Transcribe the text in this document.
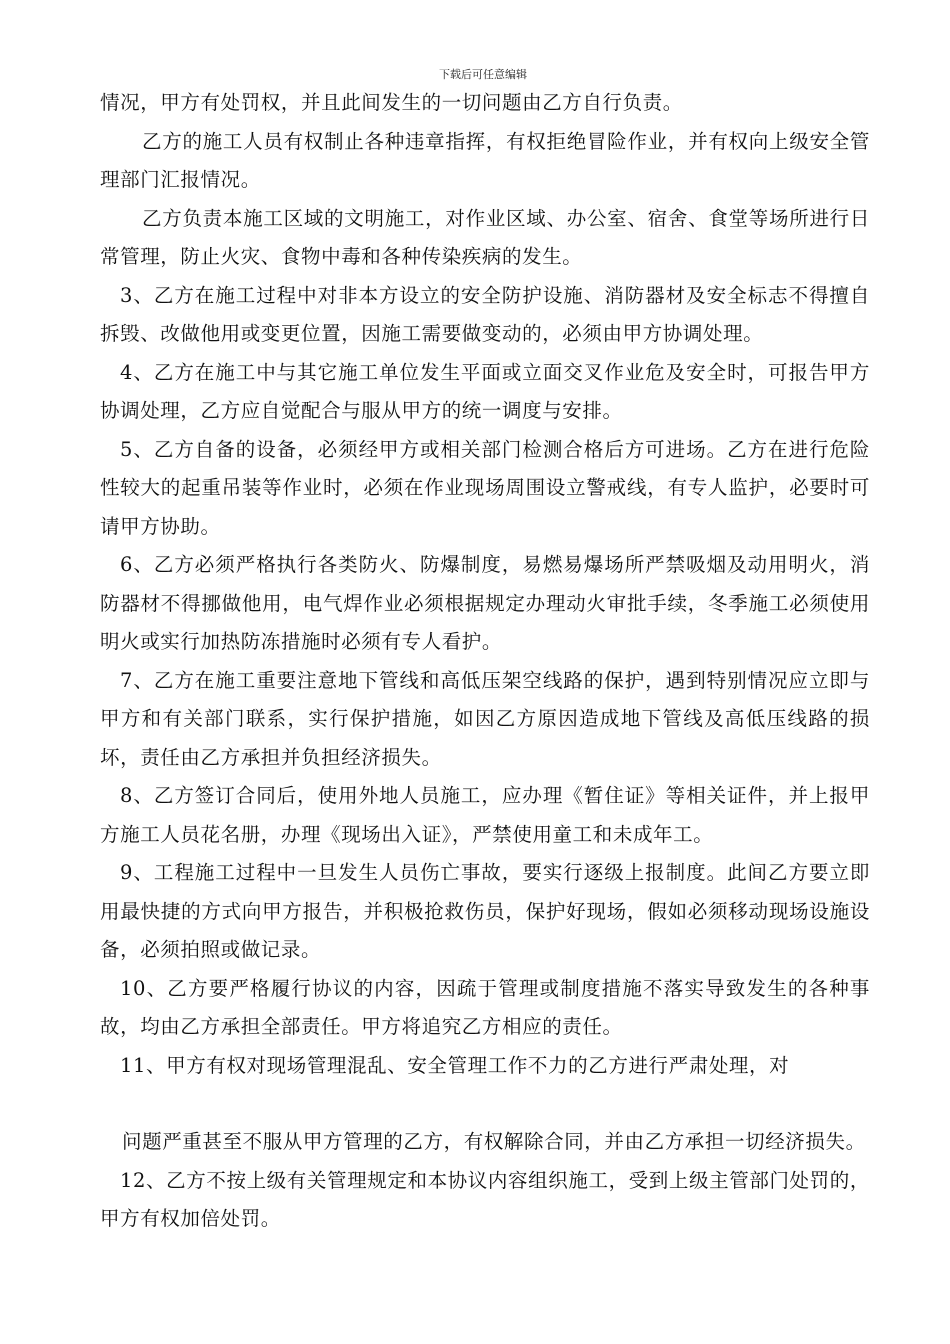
下载后可任意编辑

情况，甲方有处罚权，并且此间发生的一切问题由乙方自行负责。

乙方的施工人员有权制止各种违章指挥，有权拒绝冒险作业，并有权向上级安全管理部门汇报情况。

乙方负责本施工区域的文明施工，对作业区域、办公室、宿舍、食堂等场所进行日常管理，防止火灾、食物中毒和各种传染疾病的发生。

3、乙方在施工过程中对非本方设立的安全防护设施、消防器材及安全标志不得擅自拆毁、改做他用或变更位置，因施工需要做变动的，必须由甲方协调处理。

4、乙方在施工中与其它施工单位发生平面或立面交叉作业危及安全时，可报告甲方协调处理，乙方应自觉配合与服从甲方的统一调度与安排。

5、乙方自备的设备，必须经甲方或相关部门检测合格后方可进场。乙方在进行危险性较大的起重吊装等作业时，必须在作业现场周围设立警戒线，有专人监护，必要时可请甲方协助。

6、乙方必须严格执行各类防火、防爆制度，易燃易爆场所严禁吸烟及动用明火，消防器材不得挪做他用，电气焊作业必须根据规定办理动火审批手续，冬季施工必须使用明火或实行加热防冻措施时必须有专人看护。

7、乙方在施工重要注意地下管线和高低压架空线路的保护，遇到特别情况应立即与甲方和有关部门联系，实行保护措施，如因乙方原因造成地下管线及高低压线路的损坏，责任由乙方承担并负担经济损失。

8、乙方签订合同后，使用外地人员施工，应办理《暂住证》等相关证件，并上报甲方施工人员花名册，办理《现场出入证》，严禁使用童工和未成年工。

9、工程施工过程中一旦发生人员伤亡事故，要实行逐级上报制度。此间乙方要立即用最快捷的方式向甲方报告，并积极抢救伤员，保护好现场，假如必须移动现场设施设备，必须拍照或做记录。

10、乙方要严格履行协议的内容，因疏于管理或制度措施不落实导致发生的各种事故，均由乙方承担全部责任。甲方将追究乙方相应的责任。

11、甲方有权对现场管理混乱、安全管理工作不力的乙方进行严肃处理，对

问题严重甚至不服从甲方管理的乙方，有权解除合同，并由乙方承担一切经济损失。

12、乙方不按上级有关管理规定和本协议内容组织施工，受到上级主管部门处罚的，甲方有权加倍处罚。
